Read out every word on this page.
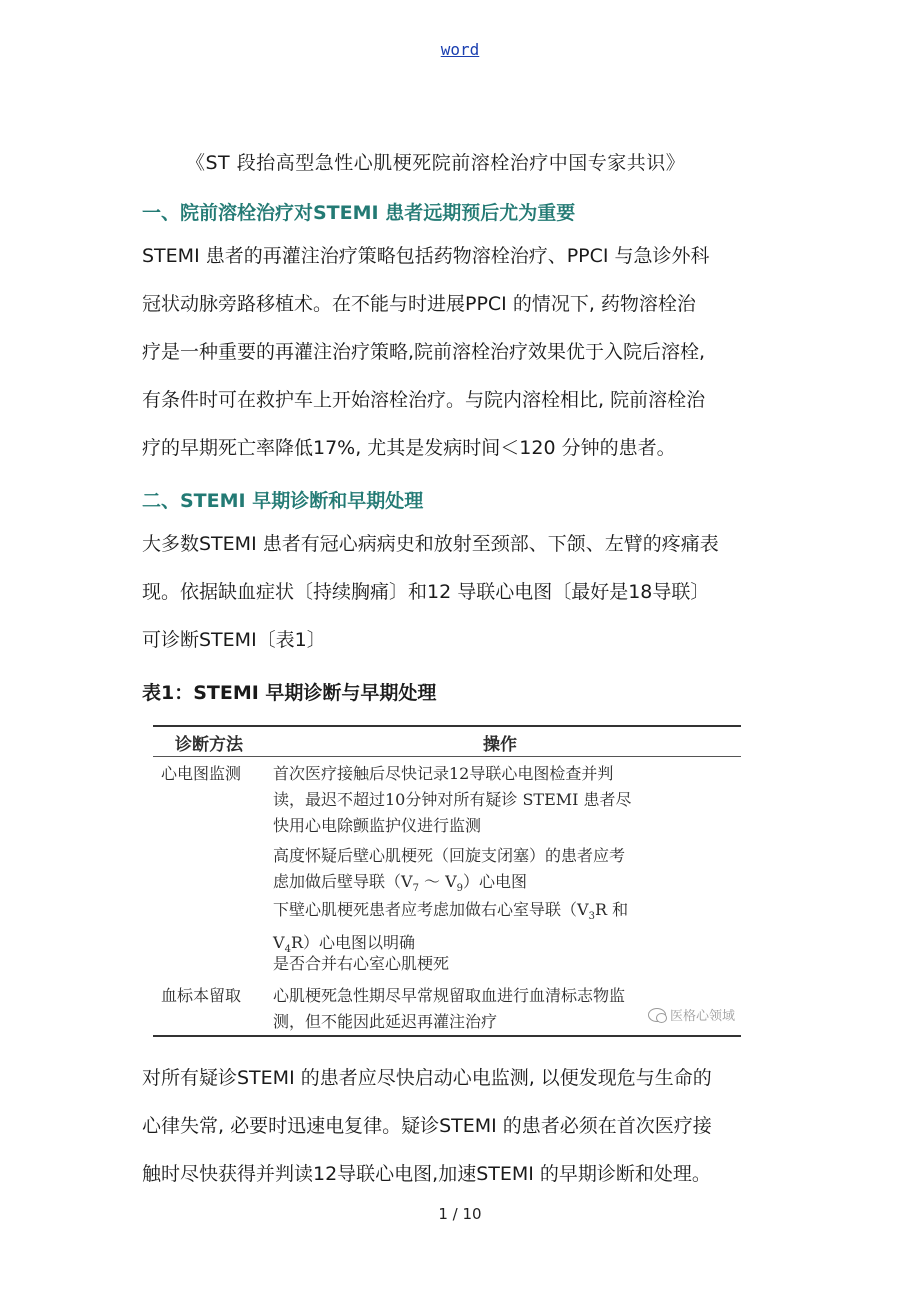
word
《ST 段抬高型急性心肌梗死院前溶栓治疗中国专家共识》
一、院前溶栓治疗对STEMI 患者远期预后尤为重要
STEMI 患者的再灌注治疗策略包括药物溶栓治疗、PPCI 与急诊外科
冠状动脉旁路移植术。在不能与时进展PPCI 的情况下, 药物溶栓治
疗是一种重要的再灌注治疗策略,院前溶栓治疗效果优于入院后溶栓,
有条件时可在救护车上开始溶栓治疗。与院内溶栓相比, 院前溶栓治
疗的早期死亡率降低17%, 尤其是发病时间＜120 分钟的患者。
二、STEMI 早期诊断和早期处理
大多数STEMI 患者有冠心病病史和放射至颈部、下颌、左臂的疼痛表
现。依据缺血症状〔持续胸痛〕和12 导联心电图〔最好是18导联〕
可诊断STEMI〔表1〕
表1：STEMI 早期诊断与早期处理
诊断方法	操作
心电图监测 首次医疗接触后尽快记录12导联心电图检查并判
读，最迟不超过10分钟对所有疑诊 STEMI 患者尽
快用心电除颤监护仪进行监测
高度怀疑后壁心肌梗死（回旋支闭塞）的患者应考
虑加做后壁导联（$V_7$ ～ $V_9$）心电图
下壁心肌梗死患者应考虑加做右心室导联（$V_3R$ 和
$V_4R$）心电图以明确
是否合并右心室心肌梗死
血标本留取 心肌梗死急性期尽早常规留取血进行血清标志物监
测，但不能因此延迟再灌注治疗	医格心领域
对所有疑诊STEMI 的患者应尽快启动心电监测, 以便发现危与生命的
心律失常, 必要时迅速电复律。疑诊STEMI 的患者必须在首次医疗接
触时尽快获得并判读12导联心电图,加速STEMI 的早期诊断和处理。
1 / 10
